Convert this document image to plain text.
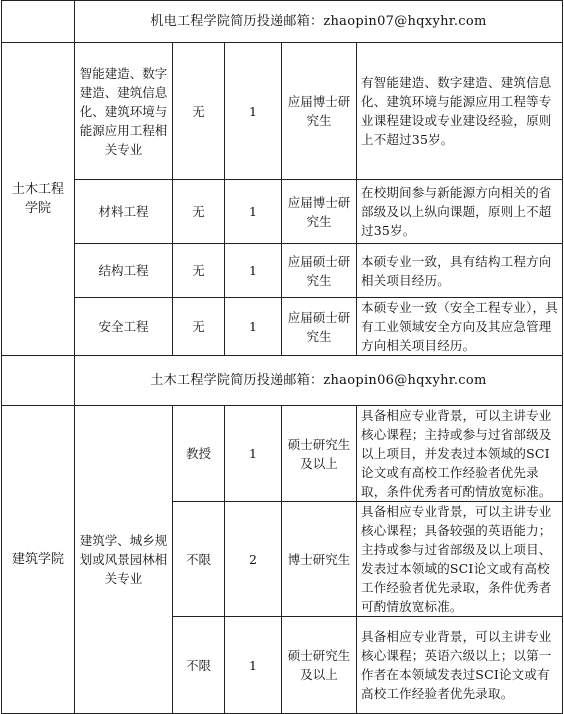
	机电工程学院简历投递邮箱：zhaopin07@hqxyhr.com				
土木工程学院	智能建造、数字建造、建筑信息化、建筑环境与能源应用工程相关专业	无	1	应届博士研究生	有智能建造、数字建造、建筑信息化、建筑环境与能源应用工程等专业课程建设或专业建设经验，原则上不超过35岁。
	材料工程	无	1	应届博士研究生	在校期间参与新能源方向相关的省部级及以上纵向课题，原则上不超过35岁。
	结构工程	无	1	应届硕士研究生	本硕专业一致，具有结构工程方向相关项目经历。
	安全工程	无	1	应届硕士研究生	本硕专业一致（安全工程专业），具有工业领域安全方向及其应急管理方向相关项目经历。
	土木工程学院简历投递邮箱：zhaopin06@hqxyhr.com				
建筑学院	建筑学、城乡规划或风景园林相关专业	教授	1	硕士研究生及以上	具备相应专业背景，可以主讲专业核心课程；主持或参与过省部级及以上项目，并发表过本领域的SCI论文或有高校工作经验者优先录取，条件优秀者可酌情放宽标准。
		不限	2	博士研究生	具备相应专业背景，可以主讲专业核心课程；具备较强的英语能力；主持或参与过省部级及以上项目、发表过本领域的SCI论文或有高校工作经验者优先录取，条件优秀者可酌情放宽标准。
		不限	1	硕士研究生及以上	具备相应专业背景，可以主讲专业核心课程；英语六级以上；以第一作者在本领域发表过SCI论文或有高校工作经验者优先录取。
